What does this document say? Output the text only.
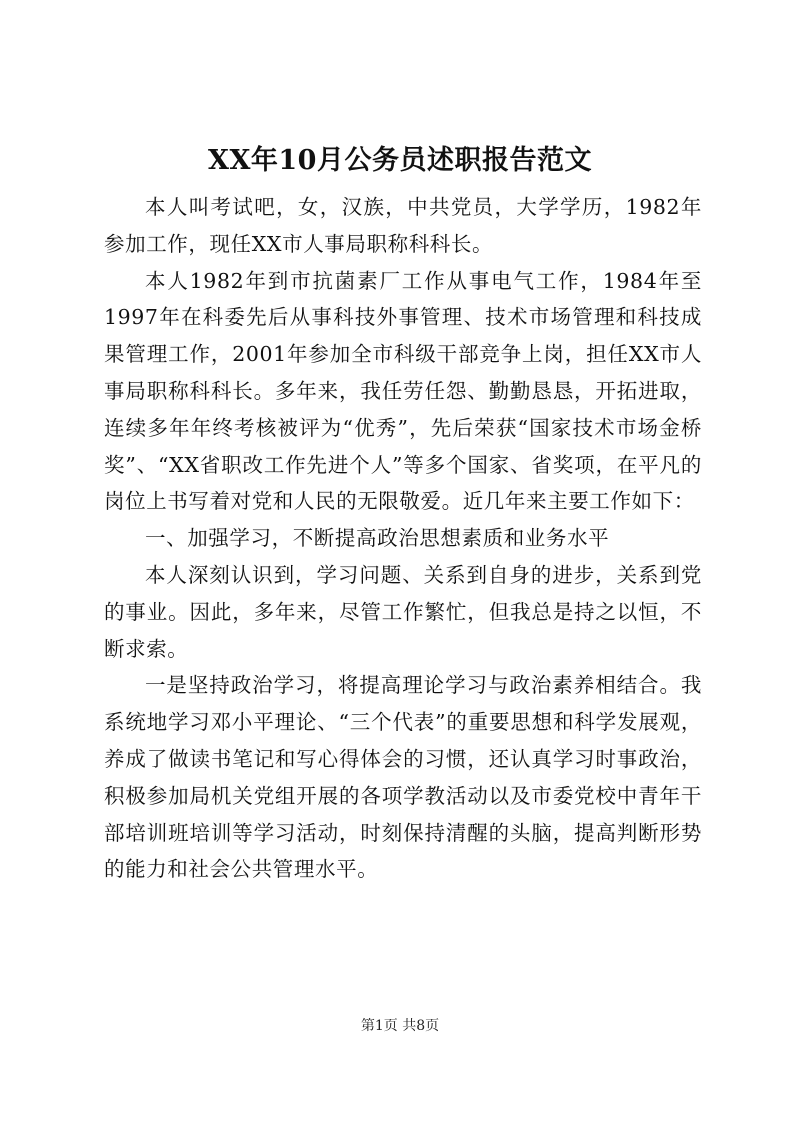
XX年10月公务员述职报告范文

本人叫考试吧，女，汉族，中共党员，大学学历，1982年参加工作，现任XX市人事局职称科科长。

本人1982年到市抗菌素厂工作从事电气工作，1984年至1997年在科委先后从事科技外事管理、技术市场管理和科技成果管理工作，2001年参加全市科级干部竞争上岗，担任XX市人事局职称科科长。多年来，我任劳任怨、勤勤恳恳，开拓进取，连续多年年终考核被评为“优秀”，先后荣获“国家技术市场金桥奖”、“XX省职改工作先进个人”等多个国家、省奖项，在平凡的岗位上书写着对党和人民的无限敬爱。近几年来主要工作如下：

一、加强学习，不断提高政治思想素质和业务水平

本人深刻认识到，学习问题、关系到自身的进步，关系到党的事业。因此，多年来，尽管工作繁忙，但我总是持之以恒，不断求索。

一是坚持政治学习，将提高理论学习与政治素养相结合。我系统地学习邓小平理论、“三个代表”的重要思想和科学发展观，养成了做读书笔记和写心得体会的习惯，还认真学习时事政治，积极参加局机关党组开展的各项学教活动以及市委党校中青年干部培训班培训等学习活动，时刻保持清醒的头脑，提高判断形势的能力和社会公共管理水平。

第1页 共8页
